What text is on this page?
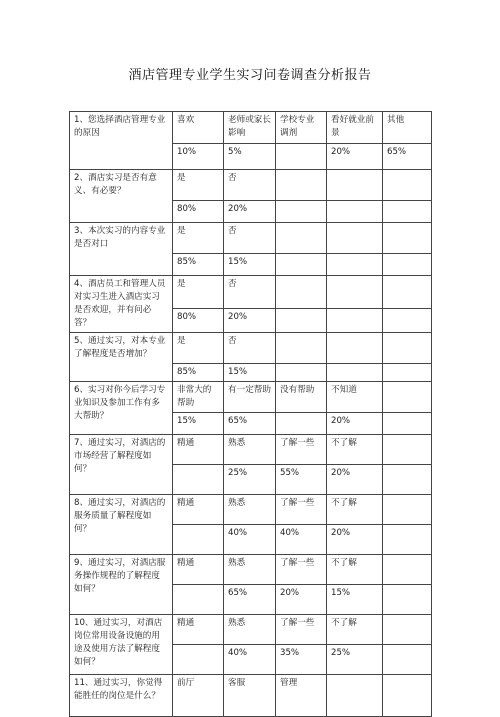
酒店管理专业学生实习问卷调查分析报告
1、您选择酒店管理专业的原因	喜欢	老师或家长影响	学校专业调剂	看好就业前景	其他
	10%	5%		20%	65%
2、酒店实习是否有意义、有必要？	是	否			
	80%	20%			
3、本次实习的内容专业是否对口	是	否			
	85%	15%			
4、酒店员工和管理人员对实习生进入酒店实习是否欢迎，并有问必答？	是	否			
	80%	20%			
5、通过实习，对本专业了解程度是否增加？	是	否			
	85%	15%			
6、实习对你今后学习专业知识及参加工作有多大帮助？	非常大的帮助	有一定帮助	没有帮助	不知道	
	15%	65%		20%	
7、通过实习，对酒店的市场经营了解程度如何？	精通	熟悉	了解一些	不了解	
		25%	55%	20%	
8、通过实习，对酒店的服务质量了解程度如何？	精通	熟悉	了解一些	不了解	
		40%	40%	20%	
9、通过实习，对酒店服务操作规程的了解程度如何？	精通	熟悉	了解一些	不了解	
		65%	20%	15%	
10、通过实习，对酒店岗位常用设备设施的用途及使用方法了解程度如何？	精通	熟悉	了解一些	不了解	
		40%	35%	25%	
11、通过实习，你觉得能胜任的岗位是什么？	前厅	客服	管理		
